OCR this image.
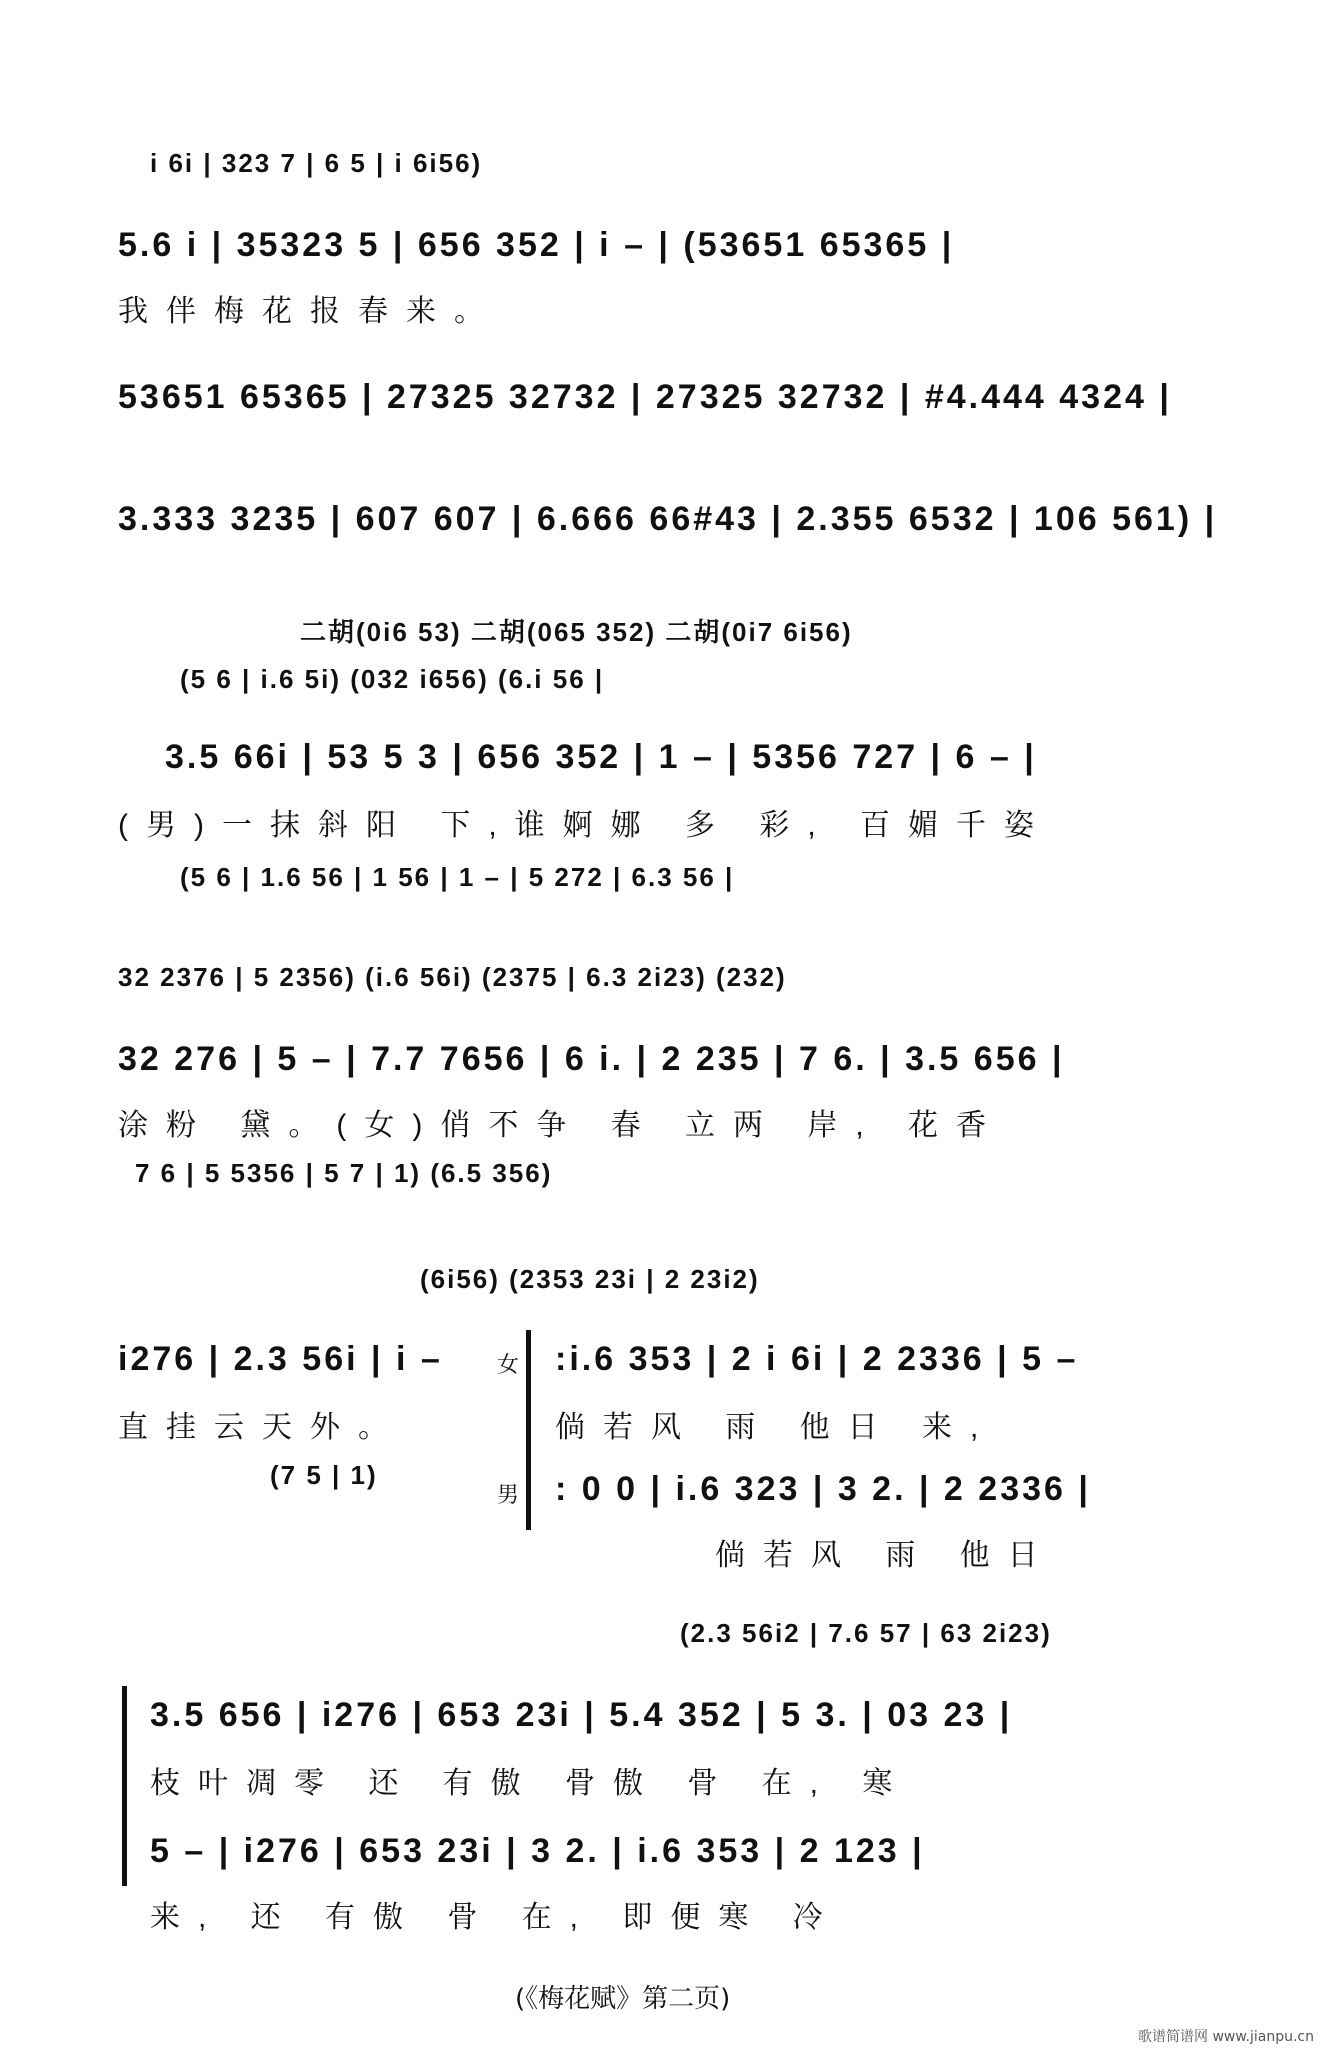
i 6i | 323 7 | 6 5 | i 6i56)
5.6 i | 35323 5 | 656 352 | i – | (53651 65365 |
我伴梅花报春来。
53651 65365 | 27325 32732 | 27325 32732 | #4.444 4324 |
3.333 3235 | 607 607 | 6.666 66#43 | 2.355 6532 | 106 561) |
二胡(0i6 53) 二胡(065 352) 二胡(0i7 6i56)
(5 6 | i.6 5i) (032 i656) (6.i 56 |
3.5 66i | 53 5 3 | 656 352 | 1 – | 5356 727 | 6 – |
(男)一抹斜阳 下,谁婀娜 多 彩, 百媚千姿
(5 6 | 1.6 56 | 1 56 | 1 – | 5 272 | 6.3 56 |
32 2376 | 5 2356) (i.6 56i) (2375 | 6.3 2i23) (232)
32 276 | 5 – | 7.7 7656 | 6 i. | 2 235 | 7 6. | 3.5 656 |
涂粉 黛。(女)俏不争 春 立两 岸, 花香
7 6 | 5 5356 | 5 7 | 1) (6.5 356)
(6i56) (2353 23i | 2 23i2)
i276 | 2.3 56i | i –
直挂云天外。
(7 5 | 1)
:i.6 353 | 2 i 6i | 2 2336 | 5 –
倘若风 雨 他日 来,
: 0 0 | i.6 323 | 3 2. | 2 2336 |
倘若风 雨 他日
(2.3 56i2 | 7.6 57 | 63 2i23)
3.5 656 | i276 | 653 23i | 5.4 352 | 5 3. | 03 23 |
枝叶凋零 还 有傲 骨傲 骨 在, 寒
5 – | i276 | 653 23i | 3 2. | i.6 353 | 2 123 |
来, 还 有傲 骨 在, 即便寒 冷
女
男
(《梅花赋》第二页)
歌谱简谱网 www.jianpu.cn
